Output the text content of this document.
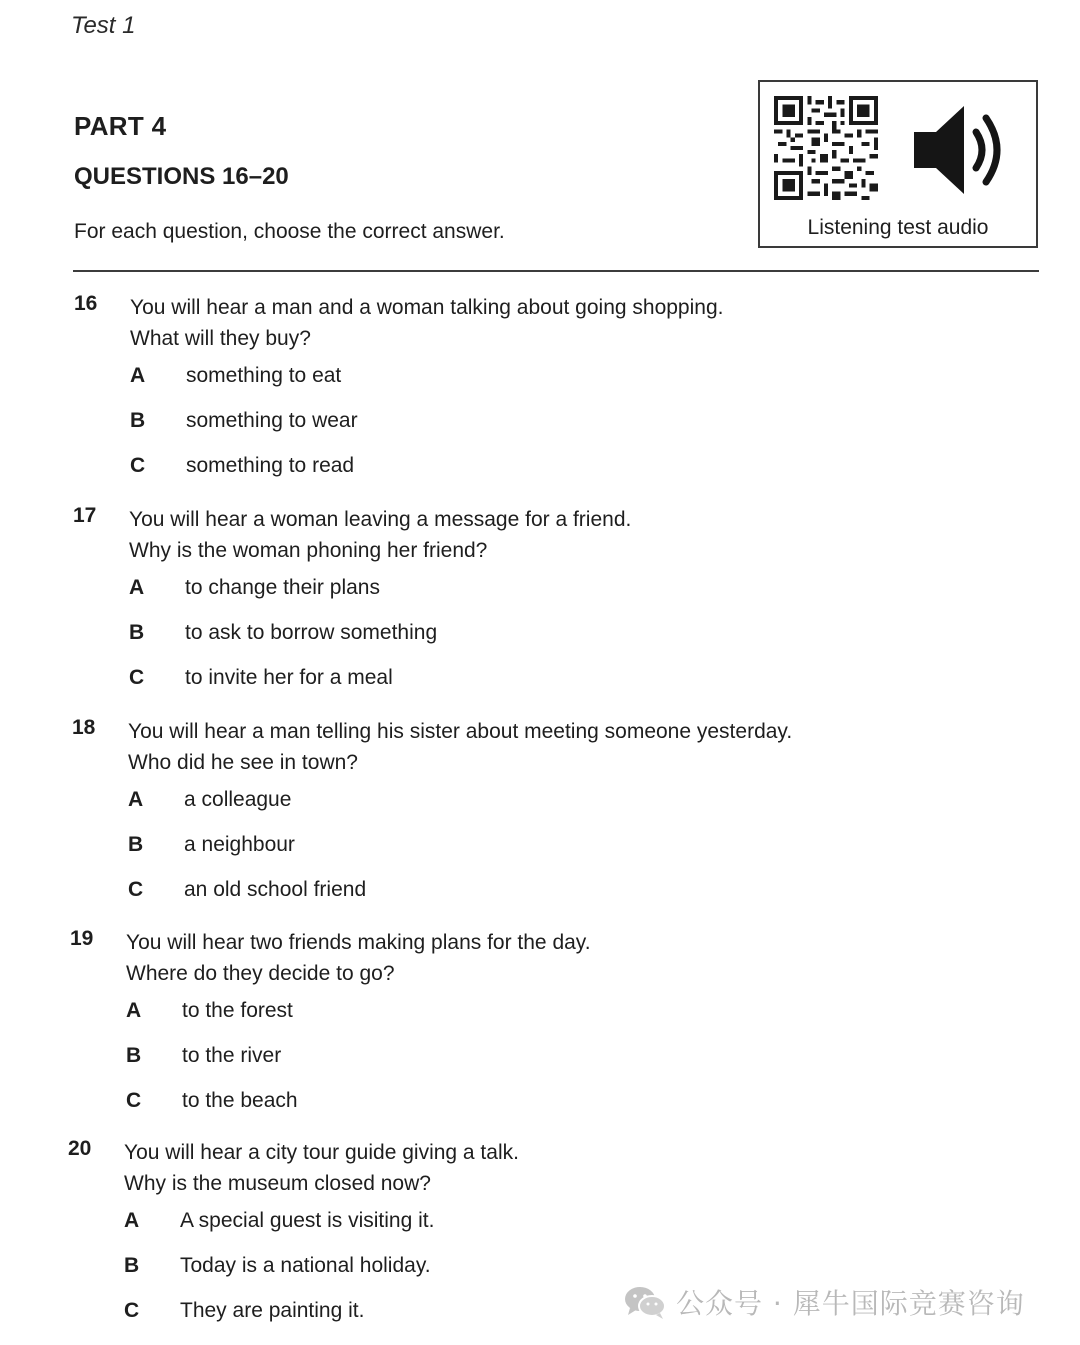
Test 1
PART 4
QUESTIONS 16–20
For each question, choose the correct answer.	Listening test audio
16 You will hear a man and a woman talking about going shopping.
What will they buy?
A something to eat
B something to wear
C something to read
17 You will hear a woman leaving a message for a friend.
Why is the woman phoning her friend?
A to change their plans
B to ask to borrow something
C to invite her for a meal
18 You will hear a man telling his sister about meeting someone yesterday.
Who did he see in town?
A a colleague
B a neighbour
C an old school friend
19 You will hear two friends making plans for the day.
Where do they decide to go?
A to the forest
B to the river
C to the beach
20 You will hear a city tour guide giving a talk.
Why is the museum closed now?
A A special guest is visiting it.
B Today is a national holiday.
C They are painting it.	公众号 · 犀牛国际竞赛咨询
